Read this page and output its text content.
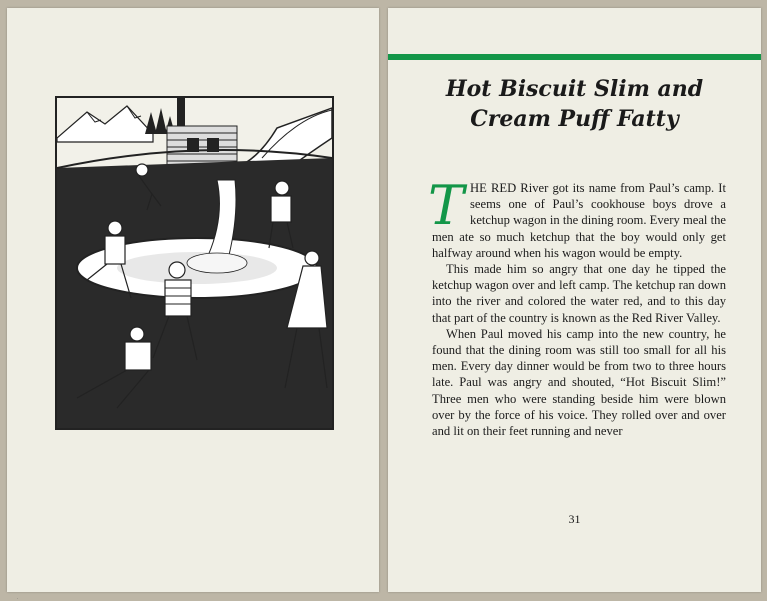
·
Hot Biscuit Slim and Cream Puff Fatty

THE RED River got its name from Paul’s camp. It seems one of Paul’s cookhouse boys drove a ketchup wagon in the dining room. Every meal the men ate so much ketchup that the boy would only get halfway around when his wagon would be empty.

This made him so angry that one day he tipped the ketchup wagon over and left camp. The ketchup ran down into the river and colored the water red, and to this day that part of the country is known as the Red River Valley.

When Paul moved his camp into the new country, he found that the dining room was still too small for all his men. Every day dinner would be from two to three hours late. Paul was angry and shouted, “Hot Biscuit Slim!” Three men who were standing beside him were blown over by the force of his voice. They rolled over and over and lit on their feet running and never

31
